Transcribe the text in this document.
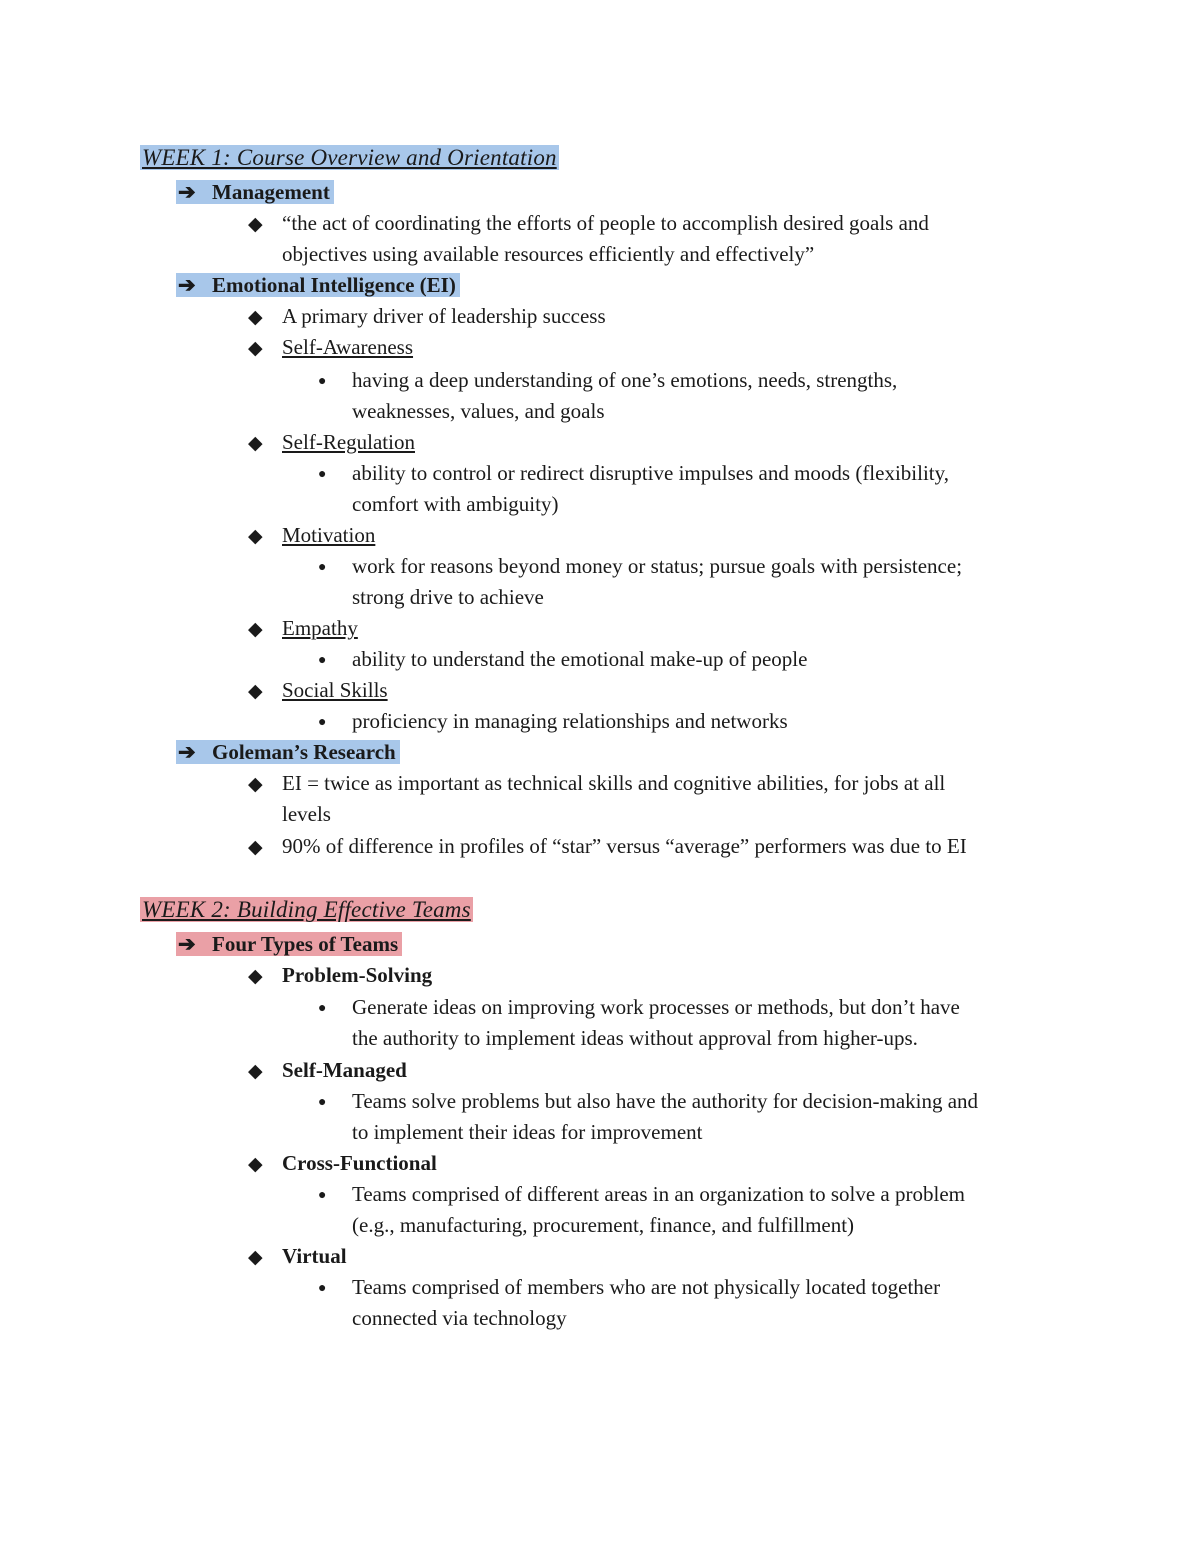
WEEK 1: Course Overview and Orientation
➔ Management
◆ “the act of coordinating the efforts of people to accomplish desired goals and
objectives using available resources efficiently and effectively”
➔ Emotional Intelligence (EI)
◆ A primary driver of leadership success
◆ Self-Awareness
● having a deep understanding of one’s emotions, needs, strengths,
weaknesses, values, and goals
◆ Self-Regulation
● ability to control or redirect disruptive impulses and moods (flexibility,
comfort with ambiguity)
◆ Motivation
● work for reasons beyond money or status; pursue goals with persistence;
strong drive to achieve
◆ Empathy
● ability to understand the emotional make-up of people
◆ Social Skills
● proficiency in managing relationships and networks
➔ Goleman’s Research
◆ EI = twice as important as technical skills and cognitive abilities, for jobs at all
levels
◆ 90% of difference in profiles of “star” versus “average” performers was due to EI
WEEK 2: Building Effective Teams
➔ Four Types of Teams
◆ Problem-Solving
● Generate ideas on improving work processes or methods, but don’t have
the authority to implement ideas without approval from higher-ups.
◆ Self-Managed
● Teams solve problems but also have the authority for decision-making and
to implement their ideas for improvement
◆ Cross-Functional
● Teams comprised of different areas in an organization to solve a problem
(e.g., manufacturing, procurement, finance, and fulfillment)
◆ Virtual
● Teams comprised of members who are not physically located together
connected via technology
